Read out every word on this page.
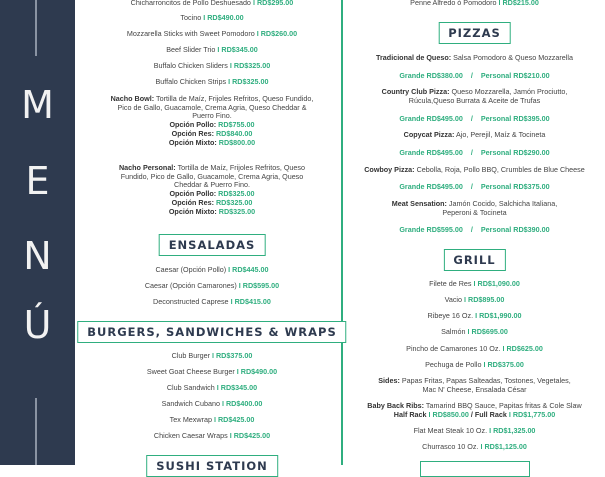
M
E
N
Ú
Chicharroncitos de Pollo Deshuesado I RD$295.00
Tocino I RD$490.00
Mozzarella Sticks with Sweet Pomodoro I RD$260.00
Beef Slider Trio I RD$345.00
Buffalo Chicken Sliders I RD$325.00
Buffalo Chicken Strips I RD$325.00
Nacho Bowl: Tortilla de Maíz, Frijoles Refritos, Queso Fundido,
Pico de Gallo, Guacamole, Crema Agria, Queso Cheddar &
Puerro Fino.
Opción Pollo: RD$755.00
Opción Res: RD$840.00
Opción Mixto: RD$800.00
Nacho Personal: Tortilla de Maíz, Frijoles Refritos, Queso
Fundido, Pico de Gallo, Guacamole, Crema Agria, Queso
Cheddar & Puerro Fino.
Opción Pollo: RD$325.00
Opción Res: RD$325.00
Opción Mixto: RD$325.00
ENSALADAS
Caesar (Opción Pollo) I RD$445.00
Caesar (Opción Camarones) I RD$595.00
Deconstructed Caprese I RD$415.00
BURGERS, SANDWICHES & WRAPS
Club Burger I RD$375.00
Sweet Goat Cheese Burger I RD$490.00
Club Sandwich I RD$345.00
Sandwich Cubano I RD$400.00
Tex Mexwrap I RD$425.00
Chicken Caesar Wraps I RD$425.00
SUSHI STATION
Penne Alfredo ó Pomodoro I RD$215.00
PIZZAS
Tradicional de Queso: Salsa Pomodoro & Queso Mozzarella
Grande RD$380.00 / Personal RD$210.00
Country Club Pizza: Queso Mozzarella, Jamón Prociutto,
Rúcula,Queso Burrata & Aceite de Trufas
Grande RD$495.00 / Personal RD$395.00
Copycat Pizza: Ajo, Perejil, Maíz & Tocineta
Grande RD$495.00 / Personal RD$290.00
Cowboy Pizza: Cebolla, Roja, Pollo BBQ, Crumbles de Blue Cheese
Grande RD$495.00 / Personal RD$375.00
Meat Sensation: Jamón Cocido, Salchicha Italiana,
Peperoni & Tocineta
Grande RD$595.00 / Personal RD$390.00
GRILL
Filete de Res I RD$1,090.00
Vacio I RD$895.00
Ribeye 16 Oz. I RD$1,990.00
Salmón I RD$695.00
Pincho de Camarones 10 Oz. I RD$625.00
Pechuga de Pollo I RD$375.00
Sides: Papas Fritas, Papas Salteadas, Tostones, Vegetales,
Mac N' Cheese, Ensalada César
Baby Back Ribs: Tamarind BBQ Sauce, Papitas fritas & Cole Slaw
Half Rack I RD$850.00 / Full Rack I RD$1,775.00
Flat Meat Steak 10 Oz. I RD$1,325.00
Churrasco 10 Oz. I RD$1,125.00
